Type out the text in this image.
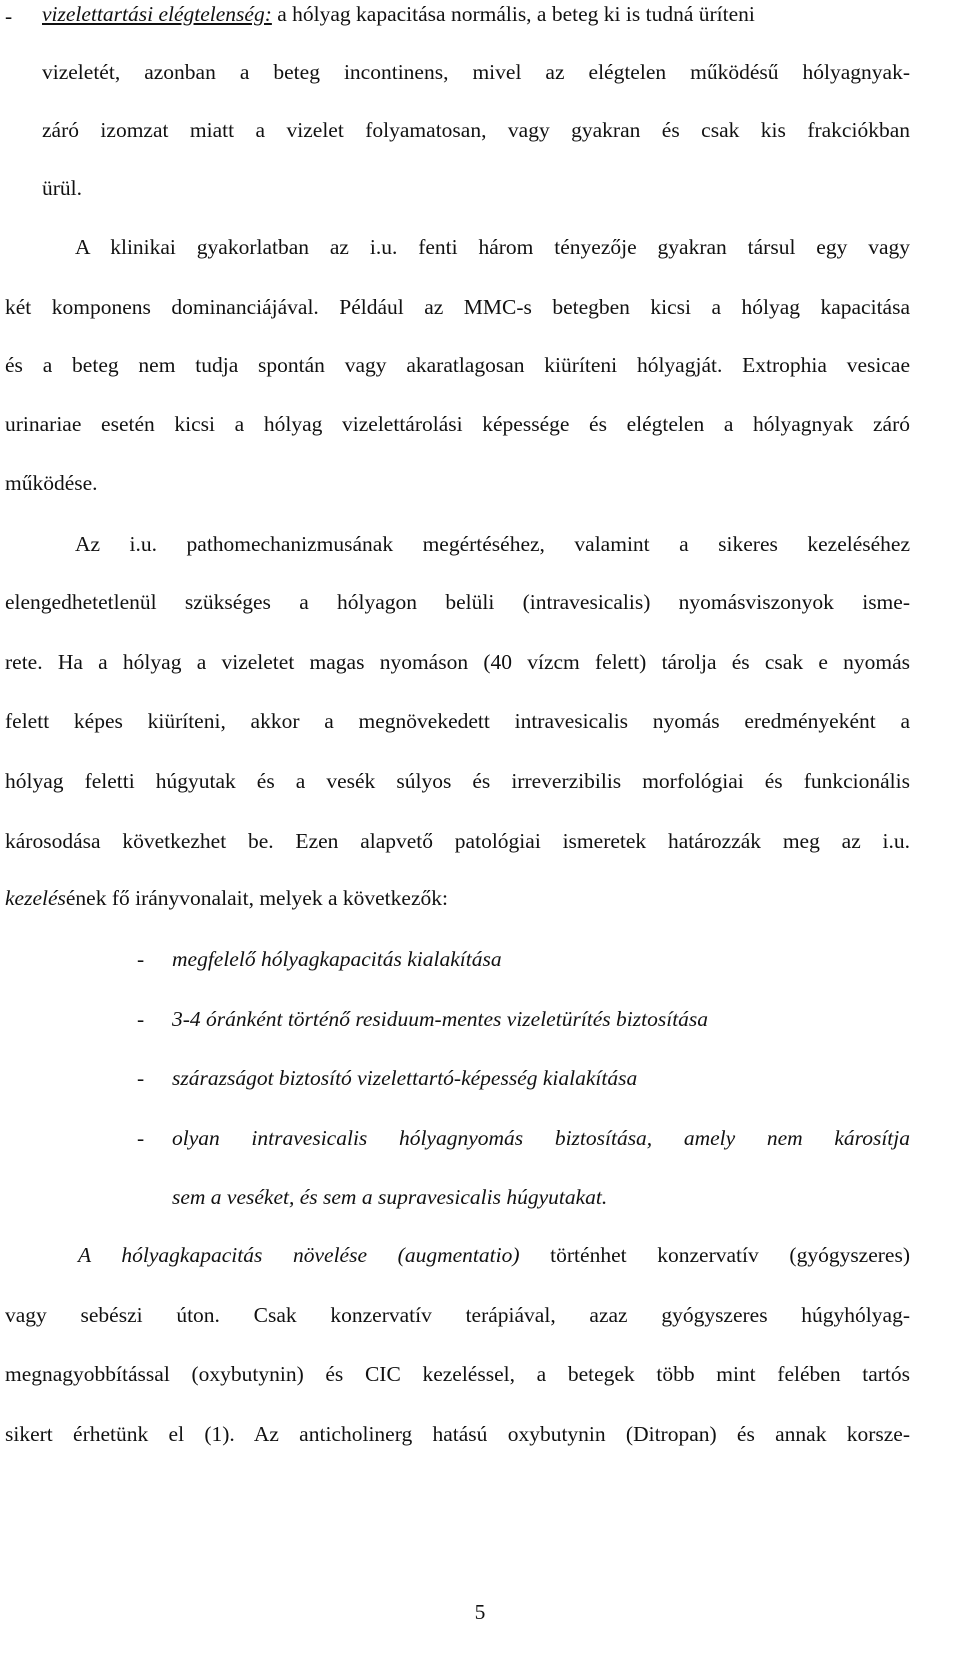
- vizelettartási elégtelenség: a hólyag kapacitása normális, a beteg ki is tudná üríteni
vizeletét, azonban a beteg incontinens, mivel az elégtelen működésű hólyagnyak-
záró izomzat miatt a vizelet folyamatosan, vagy gyakran és csak kis frakciókban
ürül.
A klinikai gyakorlatban az i.u. fenti három tényezője gyakran társul egy vagy
két komponens dominanciájával. Például az MMC-s betegben kicsi a hólyag kapacitása
és a beteg nem tudja spontán vagy akaratlagosan kiüríteni hólyagját. Extrophia vesicae
urinariae esetén kicsi a hólyag vizelettárolási képessége és elégtelen a hólyagnyak záró
működése.
Az i.u. pathomechanizmusának megértéséhez, valamint a sikeres kezeléséhez
elengedhetetlenül szükséges a hólyagon belüli (intravesicalis) nyomásviszonyok isme-
rete. Ha a hólyag a vizeletet magas nyomáson (40 vízcm felett) tárolja és csak e nyomás
felett képes kiüríteni, akkor a megnövekedett intravesicalis nyomás eredményeként a
hólyag feletti húgyutak és a vesék súlyos és irreverzibilis morfológiai és funkcionális
károsodása következhet be. Ezen alapvető patológiai ismeretek határozzák meg az i.u.
kezelésének fő irányvonalait, melyek a következők:
- megfelelő hólyagkapacitás kialakítása
- 3-4 óránként történő residuum-mentes vizeletürítés biztosítása
- szárazságot biztosító vizelettartó-képesség kialakítása
- olyan intravesicalis hólyagnyomás biztosítása, amely nem károsítja
sem a veséket, és sem a supravesicalis húgyutakat.
A hólyagkapacitás növelése (augmentatio) történhet konzervatív (gyógyszeres)
vagy sebészi úton. Csak konzervatív terápiával, azaz gyógyszeres húgyhólyag-
megnagyobbítással (oxybutynin) és CIC kezeléssel, a betegek több mint felében tartós
sikert érhetünk el (1). Az anticholinerg hatású oxybutynin (Ditropan) és annak korsze-
5
